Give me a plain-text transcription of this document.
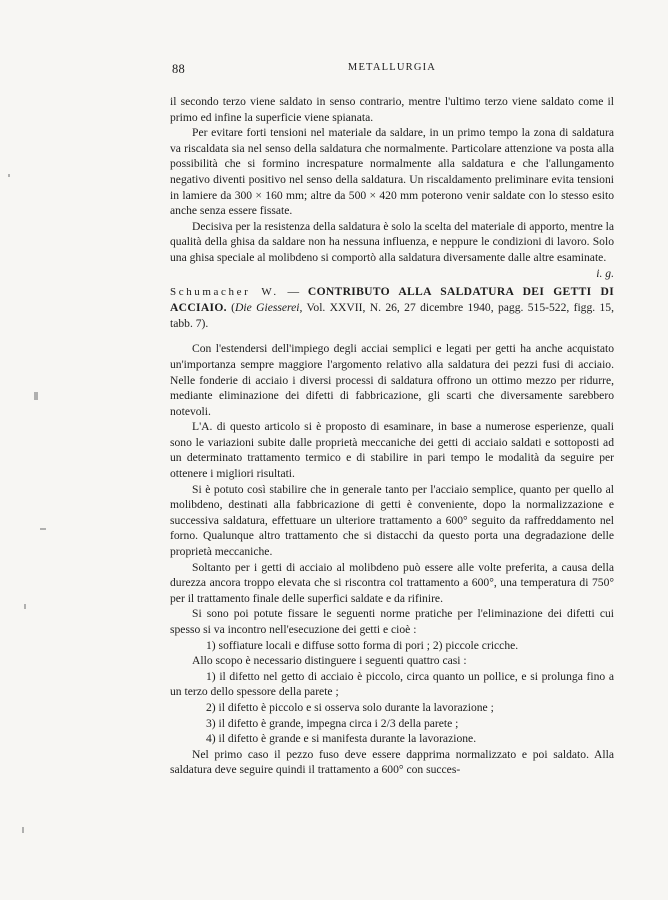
88	METALLURGIA

il secondo terzo viene saldato in senso contrario, mentre l'ultimo terzo viene saldato come il primo ed infine la superficie viene spianata.

Per evitare forti tensioni nel materiale da saldare, in un primo tempo la zona di saldatura va riscaldata sia nel senso della saldatura che normalmente. Particolare attenzione va posta alla possibilità che si formino increspature normalmente alla saldatura e che l'allungamento negativo diventi positivo nel senso della saldatura. Un riscaldamento preliminare evita tensioni in lamiere da 300 × 160 mm; altre da 500 × 420 mm poterono venir saldate con lo stesso esito anche senza essere fissate.

Decisiva per la resistenza della saldatura è solo la scelta del materiale di apporto, mentre la qualità della ghisa da saldare non ha nessuna influenza, e neppure le condizioni di lavoro. Solo una ghisa speciale al molibdeno si comportò alla saldatura diversamente dalle altre esaminate.
i. g.

Schumacher W. — CONTRIBUTO ALLA SALDATURA DEI GETTI DI ACCIAIO. (Die Giesserei, Vol. XXVII, N. 26, 27 dicembre 1940, pagg. 515-522, figg. 15, tabb. 7).

Con l'estendersi dell'impiego degli acciai semplici e legati per getti ha anche acquistato un'importanza sempre maggiore l'argomento relativo alla saldatura dei pezzi fusi di acciaio. Nelle fonderie di acciaio i diversi processi di saldatura offrono un ottimo mezzo per ridurre, mediante eliminazione dei difetti di fabbricazione, gli scarti che diversamente sarebbero notevoli.

L'A. di questo articolo si è proposto di esaminare, in base a numerose esperienze, quali sono le variazioni subite dalle proprietà meccaniche dei getti di acciaio saldati e sottoposti ad un determinato trattamento termico e di stabilire in pari tempo le modalità da seguire per ottenere i migliori risultati.

Si è potuto così stabilire che in generale tanto per l'acciaio semplice, quanto per quello al molibdeno, destinati alla fabbricazione di getti è conveniente, dopo la normalizzazione e successiva saldatura, effettuare un ulteriore trattamento a 600° seguito da raffreddamento nel forno. Qualunque altro trattamento che si distacchi da questo porta una degradazione delle proprietà meccaniche.

Soltanto per i getti di acciaio al molibdeno può essere alle volte preferita, a causa della durezza ancora troppo elevata che si riscontra col trattamento a 600°, una temperatura di 750° per il trattamento finale delle superfici saldate e da rifinire.

Si sono poi potute fissare le seguenti norme pratiche per l'eliminazione dei difetti cui spesso si va incontro nell'esecuzione dei getti e cioè :

1) soffiature locali e diffuse sotto forma di pori ; 2) piccole cricche.

Allo scopo è necessario distinguere i seguenti quattro casi :

1) il difetto nel getto di acciaio è piccolo, circa quanto un pollice, e si prolunga fino a un terzo dello spessore della parete ;

2) il difetto è piccolo e si osserva solo durante la lavorazione ;

3) il difetto è grande, impegna circa i 2/3 della parete ;

4) il difetto è grande e si manifesta durante la lavorazione.

Nel primo caso il pezzo fuso deve essere dapprima normalizzato e poi saldato. Alla saldatura deve seguire quindi il trattamento a 600° con succes-
